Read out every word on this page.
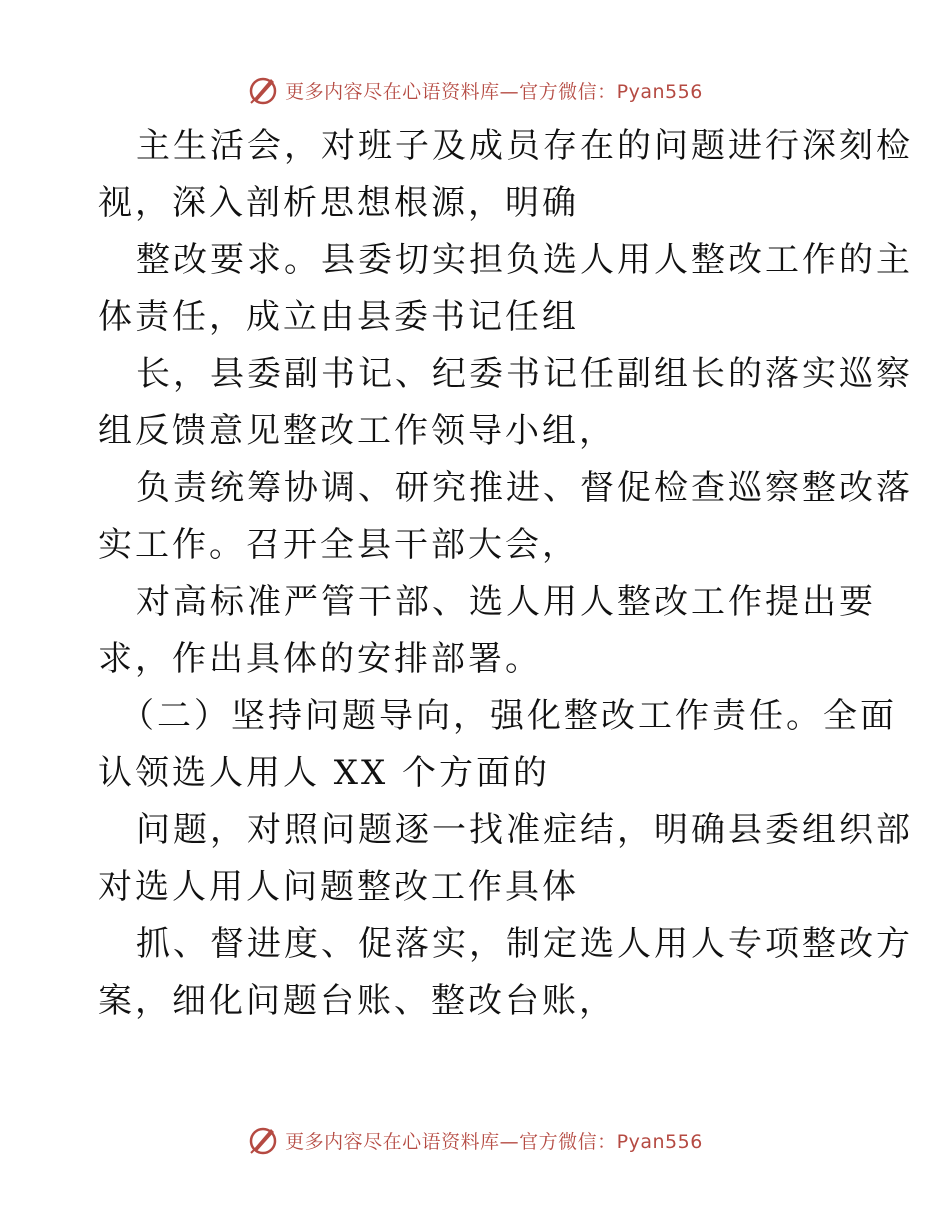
更多内容尽在心语资料库—官方微信：Pyan556
主生活会，对班子及成员存在的问题进行深刻检
视，深入剖析思想根源，明确
整改要求。县委切实担负选人用人整改工作的主
体责任，成立由县委书记任组
长，县委副书记、纪委书记任副组长的落实巡察
组反馈意见整改工作领导小组，
负责统筹协调、研究推进、督促检查巡察整改落
实工作。召开全县干部大会，
对高标准严管干部、选人用人整改工作提出要
求，作出具体的安排部署。
（二）坚持问题导向，强化整改工作责任。全面
认领选人用人 XX 个方面的
问题，对照问题逐一找准症结，明确县委组织部
对选人用人问题整改工作具体
抓、督进度、促落实，制定选人用人专项整改方
案，细化问题台账、整改台账，
更多内容尽在心语资料库—官方微信：Pyan556
